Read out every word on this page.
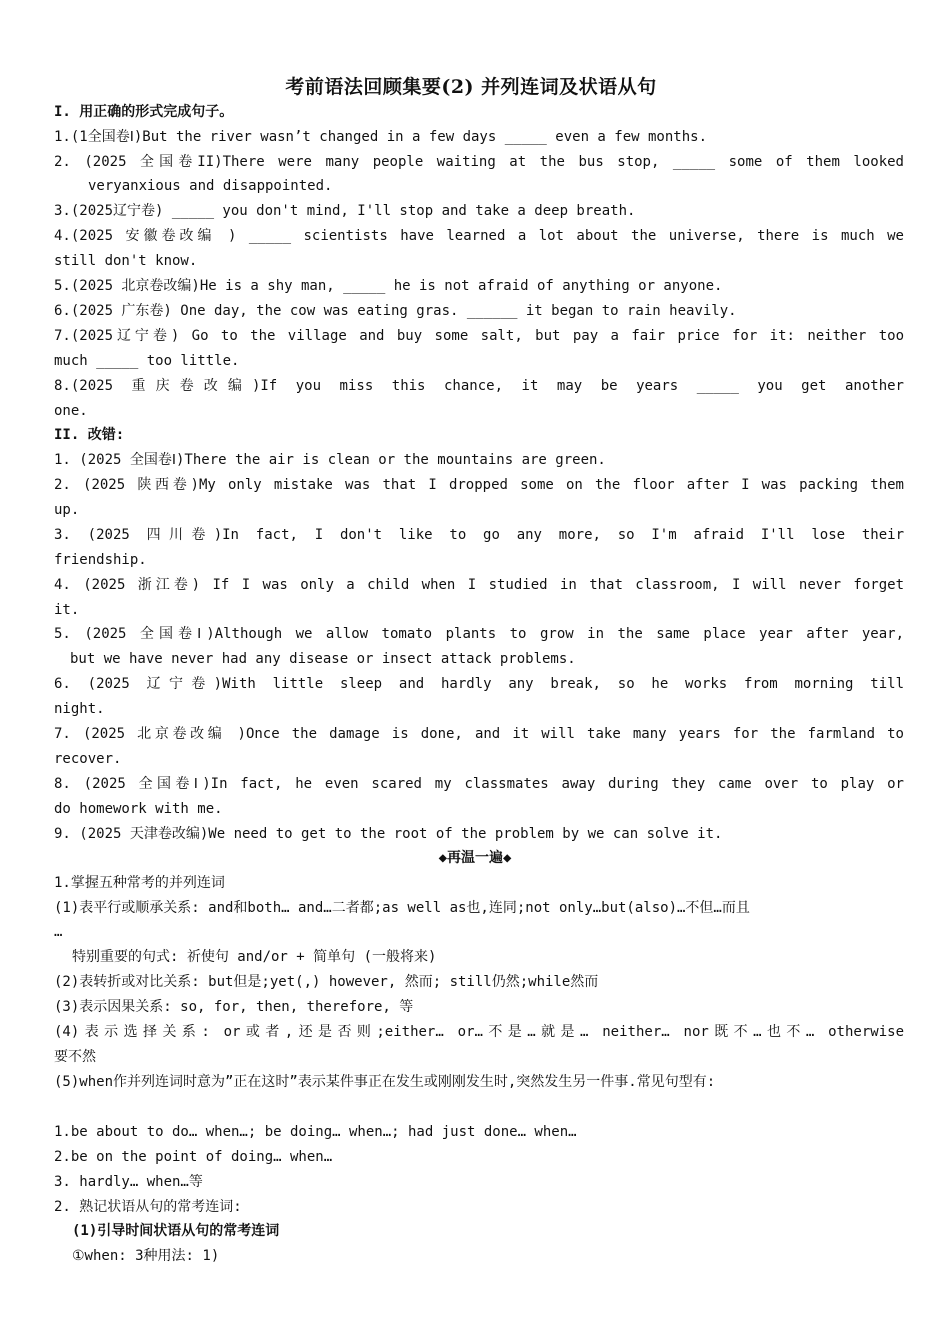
考前语法回顾集要(2) 并列连词及状语从句
I. 用正确的形式完成句子。
1.(1全国卷Ⅰ)But the river wasn’t changed in a few days _____ even a few months.
2. (2025 全国卷II)There were many people waiting at the bus stop, _____ some of them looked
veryanxious and disappointed.
3.(2025辽宁卷) _____ you don't mind, I'll stop and take a deep breath.
4.(2025 安徽卷改编 ) _____ scientists have learned a lot about the universe, there is much we
still don't know.
5.(2025 北京卷改编)He is a shy man, _____ he is not afraid of anything or anyone.
6.(2025 广东卷) One day, the cow was eating gras. ______ it began to rain heavily.
7.(2025辽宁卷) Go to the village and buy some salt, but pay a fair price for it: neither too
much _____ too little.
8.(2025 重庆卷改编)If you miss this chance, it may be years _____ you get another
one.
II. 改错:
1. (2025 全国卷Ⅰ)There the air is clean or the mountains are green.
2. (2025 陕西卷)My only mistake was that I dropped some on the floor after I was packing them
up.
3. (2025 四川卷)In fact, I don't like to go any more, so I'm afraid I'll lose their
friendship.
4. (2025 浙江卷) If I was only a child when I studied in that classroom, I will never forget
it.
5. (2025 全国卷Ⅰ)Although we allow tomato plants to grow in the same place year after year,
but we have never had any disease or insect attack problems.
6. (2025 辽宁卷)With little sleep and hardly any break, so he works from morning till
night.
7. (2025 北京卷改编 )Once the damage is done, and it will take many years for the farmland to
recover.
8. (2025 全国卷Ⅰ)In fact, he even scared my classmates away during they came over to play or
do homework with me.
9. (2025 天津卷改编)We need to get to the root of the problem by we can solve it.
◆再温一遍◆
1.掌握五种常考的并列连词
(1)表平行或顺承关系: and和both… and…二者都;as well as也,连同;not only…but(also)…不但…而且
…
特别重要的句式: 祈使句 and/or + 简单句 (一般将来)
(2)表转折或对比关系: but但是;yet(,) however, 然而; still仍然;while然而
(3)表示因果关系: so, for, then, therefore, 等
(4)表示选择关系: or或者,还是否则;either… or…不是…就是… neither… nor既不…也不… otherwise
要不然
(5)when作并列连词时意为”正在这时”表示某件事正在发生或刚刚发生时,突然发生另一件事.常见句型有:
1.be about to do… when…; be doing… when…; had just done… when…
2.be on the point of doing… when…
3. hardly… when…等
2. 熟记状语从句的常考连词:
(1)引导时间状语从句的常考连词
①when: 3种用法: 1)
